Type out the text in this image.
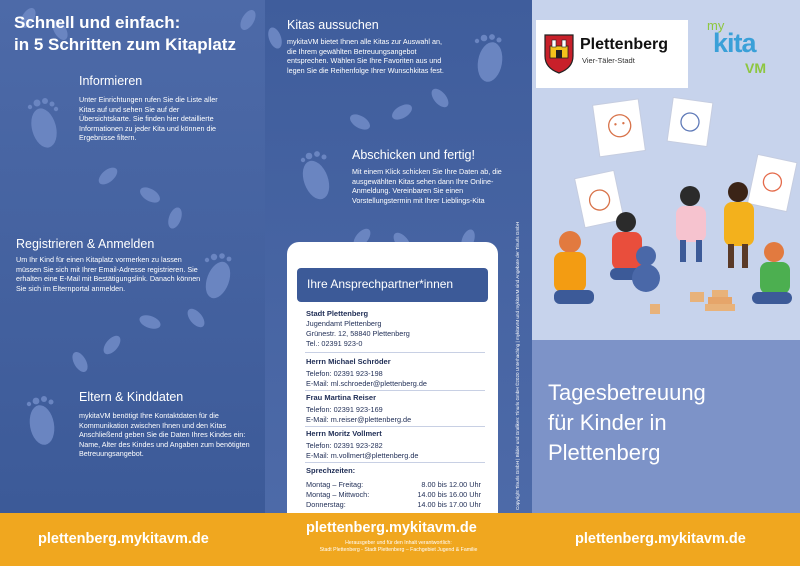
Schnell und einfach:
in 5 Schritten zum Kitaplatz
Informieren
Unter Einrichtungen rufen Sie die Liste aller Kitas auf und sehen Sie auf der Übersichtskarte. Sie finden hier detaillierte Informationen zu jeder Kita und können die Ergebnisse filtern.
Registrieren & Anmelden
Um Ihr Kind für einen Kitaplatz vormerken zu lassen müssen Sie sich mit Ihrer Email-Adresse registrieren. Sie erhalten eine E-Mail mit Bestätigungslink. Danach können Sie sich im Elternportal anmelden.
Eltern & Kinddaten
mykitaVM benötigt Ihre Kontaktdaten für die Kommunikation zwischen Ihnen und den Kitas Anschließend geben Sie die Daten Ihres Kindes ein: Name, Alter des Kindes und Angaben zum benötigten Betreuungsangebot.
Kitas aussuchen
mykitaVM bietet Ihnen alle Kitas zur Auswahl an, die Ihrem gewählten Betreuungsangebot entsprechen. Wählen Sie Ihre Favoriten aus und legen Sie die Reihenfolge Ihrer Wunschkitas fest.
Abschicken und fertig!
Mit einem Klick schicken Sie Ihre Daten ab, die ausgewählten Kitas sehen dann Ihre Online-Anmeldung. Vereinbaren Sie einen Vorstellungstermin mit Ihrer Lieblings-Kita
Ihre Ansprechpartner*innen
Stadt Plettenberg
Jugendamt Plettenberg
Grünestr. 12, 58840 Plettenberg
Tel.: 02391 923-0
Herrn Michael Schröder
Telefon: 02391 923-198
E-Mail: ml.schroeder@plettenberg.de
Frau Martina Reiser
Telefon: 02391 923-169
E-Mail: m.reiser@plettenberg.de
Herrn Moritz Vollmert
Telefon: 02391 923-282
E-Mail: m.vollmert@plettenberg.de
Sprechzeiten:
Montag – Freitag:	8.00 bis 12.00 Uhr
Montag – Mittwoch:	14.00 bis 16.00 Uhr
Donnerstag:	14.00 bis 17.00 Uhr	Copyright Tinurls GmbH | Bilder und Grafiken: Tinurls GmbH ©2020 Unterhaching | mykitaVM und mykitaVM sind Angebote der Tinurls GmbH
Plettenberg
Vier-Täler-Stadt
my
kita
VM
Tagesbetreuung
für Kinder in
Plettenberg
plettenberg.mykitavm.de
plettenberg.mykitavm.de
Herausgeber und für den Inhalt verantwortlich:
Stadt Plettenberg - Stadt Plettenberg – Fachgebiet Jugend & Familie
plettenberg.mykitavm.de
